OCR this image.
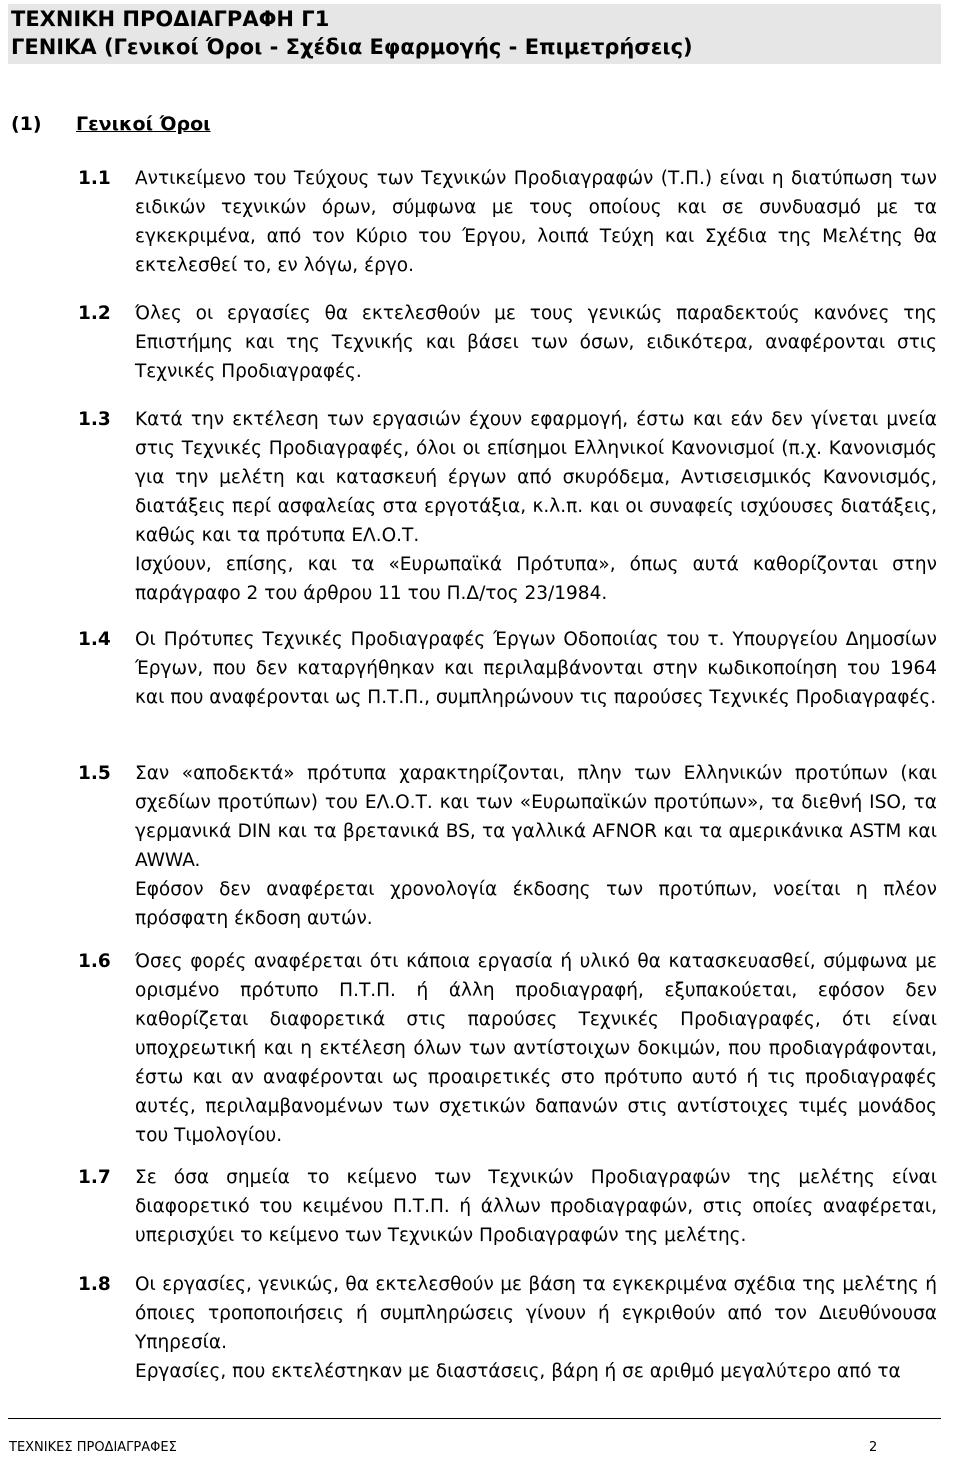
ΤΕΧΝΙΚΗ ΠΡΟΔΙΑΓΡΑΦΗ Γ1
ΓΕΝΙΚΑ (Γενικοί Όροι - Σχέδια Εφαρμογής - Επιμετρήσεις)
(1) Γενικοί Όροι
1.1 Αντικείμενο του Τεύχους των Τεχνικών Προδιαγραφών (Τ.Π.) είναι η διατύπωση των ειδικών τεχνικών όρων, σύμφωνα με τους οποίους και σε συνδυασμό με τα εγκεκριμένα, από τον Κύριο του Έργου, λοιπά Τεύχη και Σχέδια της Μελέτης θα εκτελεσθεί το, εν λόγω, έργο.

1.2 Όλες οι εργασίες θα εκτελεσθούν με τους γενικώς παραδεκτούς κανόνες της Επιστήμης και της Τεχνικής και βάσει των όσων, ειδικότερα, αναφέρονται στις Τεχνικές Προδιαγραφές.

1.3 Κατά την εκτέλεση των εργασιών έχουν εφαρμογή, έστω και εάν δεν γίνεται μνεία στις Τεχνικές Προδιαγραφές, όλοι οι επίσημοι Ελληνικοί Κανονισμοί (π.χ. Κανονισμός για την μελέτη και κατασκευή έργων από σκυρόδεμα, Αντισεισμικός Κανονισμός, διατάξεις περί ασφαλείας στα εργοτάξια, κ.λ.π. και οι συναφείς ισχύουσες διατάξεις, καθώς και τα πρότυπα ΕΛ.Ο.Τ.

Ισχύουν, επίσης, και τα «Ευρωπαϊκά Πρότυπα», όπως αυτά καθορίζονται στην παράγραφο 2 του άρθρου 11 του Π.Δ/τος 23/1984.

1.4 Οι Πρότυπες Τεχνικές Προδιαγραφές Έργων Οδοποιίας του τ. Υπουργείου Δημοσίων Έργων, που δεν καταργήθηκαν και περιλαμβάνονται στην κωδικοποίηση του 1964 και που αναφέρονται ως Π.Τ.Π., συμπληρώνουν τις παρούσες Τεχνικές Προδιαγραφές.

1.5 Σαν «αποδεκτά» πρότυπα χαρακτηρίζονται, πλην των Ελληνικών προτύπων (και σχεδίων προτύπων) του ΕΛ.Ο.Τ. και των «Ευρωπαϊκών προτύπων», τα διεθνή ISO, τα γερμανικά DIN και τα βρετανικά BS, τα γαλλικά AFNOR και τα αμερικάνικα ASTM και AWWA.

Εφόσον δεν αναφέρεται χρονολογία έκδοσης των προτύπων, νοείται η πλέον πρόσφατη έκδοση αυτών.

1.6 Όσες φορές αναφέρεται ότι κάποια εργασία ή υλικό θα κατασκευασθεί, σύμφωνα με ορισμένο πρότυπο Π.Τ.Π. ή άλλη προδιαγραφή, εξυπακούεται, εφόσον δεν καθορίζεται διαφορετικά στις παρούσες Τεχνικές Προδιαγραφές, ότι είναι υποχρεωτική και η εκτέλεση όλων των αντίστοιχων δοκιμών, που προδιαγράφονται, έστω και αν αναφέρονται ως προαιρετικές στο πρότυπο αυτό ή τις προδιαγραφές αυτές, περιλαμβανομένων των σχετικών δαπανών στις αντίστοιχες τιμές μονάδος του Τιμολογίου.

1.7 Σε όσα σημεία το κείμενο των Τεχνικών Προδιαγραφών της μελέτης είναι διαφορετικό του κειμένου Π.Τ.Π. ή άλλων προδιαγραφών, στις οποίες αναφέρεται, υπερισχύει το κείμενο των Τεχνικών Προδιαγραφών της μελέτης.

1.8 Οι εργασίες, γενικώς, θα εκτελεσθούν με βάση τα εγκεκριμένα σχέδια της μελέτης ή όποιες τροποποιήσεις ή συμπληρώσεις γίνουν ή εγκριθούν από τον Διευθύνουσα Υπηρεσία.

Εργασίες, που εκτελέστηκαν με διαστάσεις, βάρη ή σε αριθμό μεγαλύτερο από τα

ΤΕΧΝΙΚΕΣ ΠΡΟΔΙΑΓΡΑΦΕΣ	2
